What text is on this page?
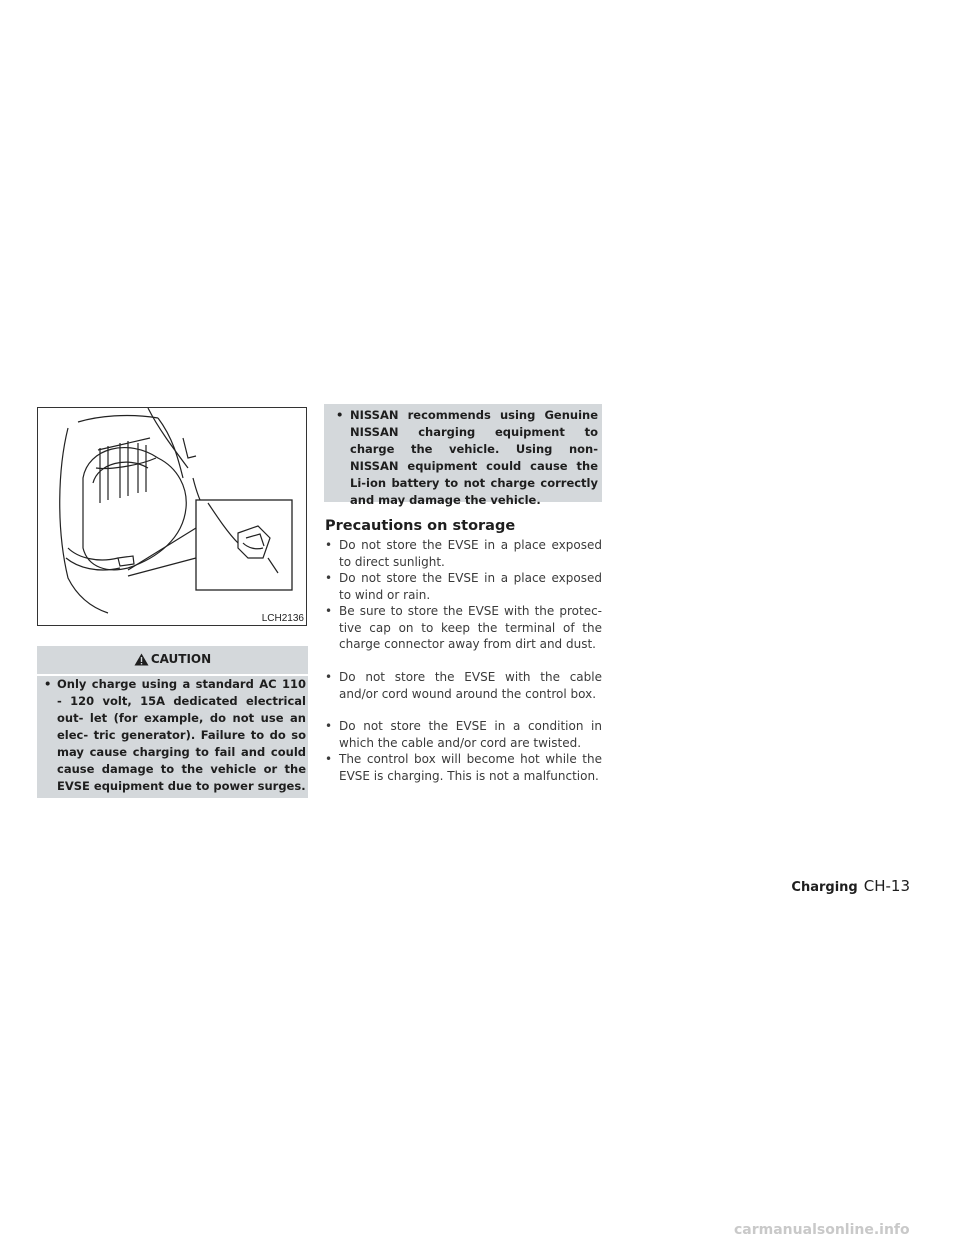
LCH2136
CAUTION
• Only charge using a standard AC 110 - 120 volt, 15A dedicated electrical out- let (for example, do not use an elec- tric generator). Failure to do so may cause charging to fail and could cause damage to the vehicle or the EVSE equipment due to power surges.
• NISSAN recommends using Genuine NISSAN charging equipment to charge the vehicle. Using non- NISSAN equipment could cause the Li-ion battery to not charge correctly and may damage the vehicle.
Precautions on storage
• Do not store the EVSE in a place exposed to direct sunlight.
• Do not store the EVSE in a place exposed to wind or rain.
• Be sure to store the EVSE with the protec- tive cap on to keep the terminal of the charge connector away from dirt and dust.
• Do not store the EVSE with the cable and/or cord wound around the control box.
• Do not store the EVSE in a condition in which the cable and/or cord are twisted.
• The control box will become hot while the EVSE is charging. This is not a malfunction.
Charging CH-13
carmanualsonline.info
